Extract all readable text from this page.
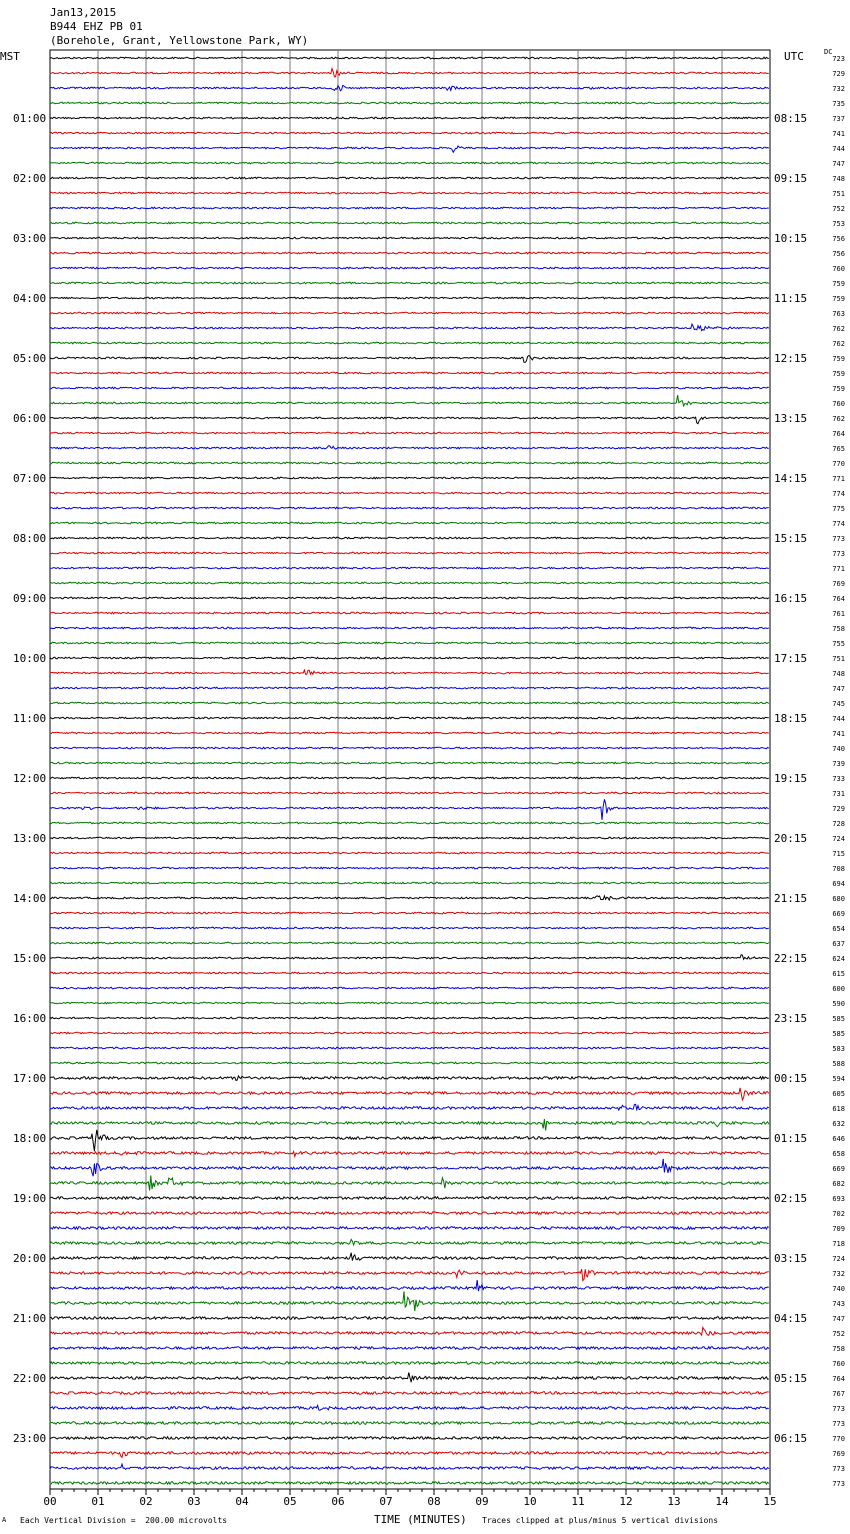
Jan13,2015
B944 EHZ PB 01
(Borehole, Grant, Yellowstone Park, WY)
MST	UTC	DC
00	01	02	03	04	05	06	07	08	09	10	11	12	13	14	15
723
729
732
735
737
741
744
747
748
751
752
753
756
756
760
759
759
763
762
762
759
759
759
760
762
764
765
770
771
774
775
774
773
773
771
769
764
761
758
755
751
748
747
745
744
741
740
739
733
731
729
728
724
715
708
694
680
669
654
637
624
615
600
590
585
585
583
588
594
605
618
632
646
658
669
682
693
702
709
718
724
732
740
743
747
752
758
760
764
767
773
773
770
769
773
773
01:00
02:00
03:00
04:00
05:00
06:00
07:00
08:00
09:00
10:00
11:00
12:00
13:00
14:00
15:00
16:00
17:00
18:00
19:00
20:00
21:00
22:00
23:00
08:15
09:15
10:15
11:15
12:15
13:15
14:15
15:15
16:15
17:15
18:15
19:15
20:15
21:15
22:15
23:15
00:15
01:15
02:15
03:15
04:15
05:15
06:15
A Each Vertical Division =  200.00 microvolts	TIME (MINUTES) Traces clipped at plus/minus 5 vertical divisions
